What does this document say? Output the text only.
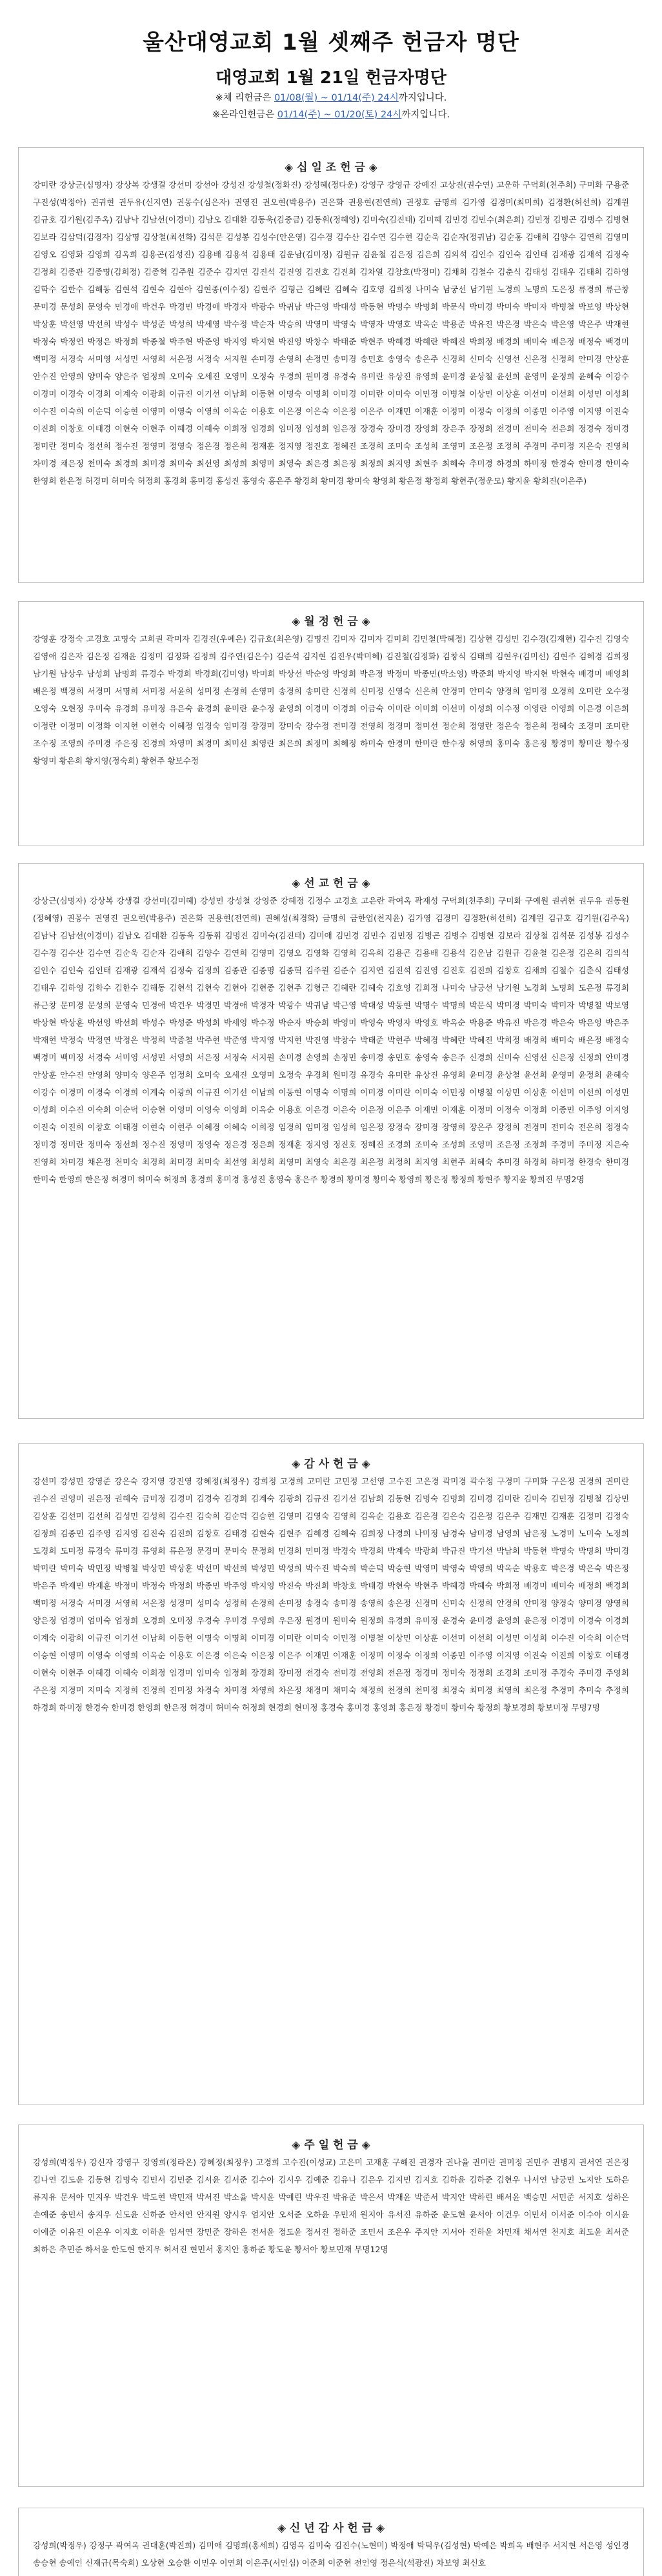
울산대영교회 1월 셋째주 헌금자 명단
대영교회 1월 21일 헌금자명단
※체 리헌금은 01/08(월) ~ 01/14(주) 24시까지입니다.
※온라인헌금은 01/14(주) ~ 01/20(토) 24시까지입니다.
◈ 십 일 조 헌 금 ◈
강미란 강상군(심명자) 강상복 강생결 강선미 강선아 강성진 강성철(정화진) 강성혜(정다운) 강영구 강영규 강예진 고상진(권수연) 고운하 구덕희(천주희) 구미화 구용준 구진성(박정아) 권귀현 권두유(신지연) 권몽수(심은자) 권영진 권오현(박용주) 권은화 권용현(전연희) 권정호 금명희 김가영 김경미(최미희) 김경환(허선희) 김계원 김규호 김기원(김주옥) 김남낙 김남선(이경미) 김남오 김대환 김동욱(김중금) 김동휘(정혜영) 김미숙(김진태) 김미혜 김민경 김민수(최은희) 김민정 김병곤 김병수 김병현 김보라 김삼덕(김경자) 김상명 김상철(최선화) 김석문 김성봉 김성수(안은영) 김수경 김수산 김수연 김수현 김순욱 김순자(정귀남) 김순홍 김애희 김양수 김연희 김영미 김영오 김영화 김영희 김옥희 김용곤(김성진) 김용배 김용석 김용태 김운남(김미정) 김원규 김윤철 김은정 김은희 김의석 김인수 김인숙 김인태 김재광 김재석 김정숙 김정희 김종관 김종명(김희정) 김종혁 김주원 김준수 김지연 김진석 김진영 김진호 김진희 김차열 김창호(박정미) 김채희 김철수 김춘식 김태성 김태우 김태희 김하영 김학수 김한수 김해동 김현석 김현숙 김현아 김현종(이수정) 김현주 김형근 김혜란 김혜숙 김호영 김희정 나미숙 남궁선 남기원 노경희 노명희 도은정 류경희 류근창 문미경 문성희 문영숙 민경애 박건우 박경민 박경애 박경자 박광수 박귀남 박근영 박대성 박동현 박명수 박명희 박문식 박미경 박미숙 박미자 박병철 박보영 박상현 박상훈 박선영 박선희 박성수 박성준 박성희 박세영 박수정 박순자 박승희 박영미 박영숙 박영자 박영호 박옥순 박용준 박유진 박은경 박은숙 박은영 박은주 박재현 박정숙 박정연 박정은 박정희 박종철 박주현 박준영 박지영 박지현 박진영 박창수 박태준 박현주 박혜경 박혜란 박혜진 박희정 배경희 배미숙 배은정 배정숙 백경미 백미정 서경숙 서미영 서성민 서영희 서은정 서정숙 서지원 손미경 손영희 손정민 송미경 송민호 송영숙 송은주 신경희 신미숙 신영선 신은정 신정희 안미경 안상훈 안수진 안영희 양미숙 양은주 엄정희 오미숙 오세진 오영미 오정숙 우경희 원미경 유경숙 유미란 유상진 유영희 윤미경 윤상철 윤선희 윤영미 윤정희 윤혜숙 이강수 이경미 이경숙 이경희 이계숙 이광희 이규진 이기선 이남희 이동현 이명숙 이명희 이미경 이미란 이미숙 이민정 이병철 이상민 이상훈 이선미 이선희 이성민 이성희 이수진 이숙희 이순덕 이승현 이영미 이영숙 이영희 이옥순 이용호 이은경 이은숙 이은정 이은주 이재민 이재훈 이정미 이정숙 이정희 이종민 이주영 이지영 이진숙 이진희 이창호 이태경 이현숙 이현주 이혜경 이혜숙 이희정 임경희 임미정 임성희 임은정 장경숙 장미경 장영희 장은주 장정희 전경미 전미숙 전은희 정경숙 정미경 정미란 정미숙 정선희 정수진 정영미 정영숙 정은경 정은희 정재훈 정지영 정진호 정혜진 조경희 조미숙 조성희 조영미 조은정 조정희 주경미 주미정 지은숙 진영희 차미경 채은정 천미숙 최경희 최미경 최미숙 최선영 최성희 최영미 최영숙 최은경 최은정 최정희 최지영 최현주 최혜숙 추미경 하경희 하미정 한경숙 한미경 한미숙 한영희 한은정 허경미 허미숙 허정희 홍경희 홍미경 홍성진 홍영숙 홍은주 황경희 황미경 황미숙 황영희 황은정 황정희 황현주(정운모) 황지윤 황희진(이은주)
◈ 월 정 헌 금 ◈
강영훈 강정숙 고경호 고명숙 고희권 곽미자 김경진(우예은) 김규호(최은영) 김명진 김미자 김미자 김미희 김민철(박혜정) 김상현 김성민 김수경(김재현) 김수진 김영숙 김영애 김은자 김은정 김재윤 김정미 김정화 김정희 김주연(김은수) 김준석 김지현 김진우(박미혜) 김진철(김정화) 김창식 김태희 김현우(김미선) 김현주 김혜경 김희정 남기원 남상우 남성희 남명희 류경수 박경희 박경희(김미영) 박미희 박상선 박순영 박영희 박은정 박정미 박종민(박소영) 박준희 박지영 박지현 박현숙 배경미 배영희 배은정 백경희 서경미 서명희 서미정 서윤희 성미정 손경희 손영미 송경희 송미란 신경희 신미정 신영숙 신은희 안경미 안미숙 양경희 엄미정 오경희 오미란 오수정 오영숙 오현정 우미숙 유경희 유미정 유은숙 윤경희 윤미란 윤수정 윤영희 이경미 이경희 이금숙 이미란 이미희 이선미 이성희 이수정 이영란 이영희 이은경 이은희 이정란 이정미 이정화 이지현 이현숙 이혜정 임경숙 임미경 장경미 장미숙 장수정 전미경 전영희 정경미 정미선 정순희 정영란 정은숙 정은희 정혜숙 조경미 조미란 조수정 조영희 주미경 주은정 진경희 차영미 최경미 최미선 최영란 최은희 최정미 최혜정 하미숙 한경미 한미란 한수정 허영희 홍미숙 홍은정 황경미 황미란 황수정 황영미 황은희 황지영(정숙희) 황현주 황보수정
◈ 선 교 헌 금 ◈
강상근(심명자) 강상복 강생결 강선미(김미혜) 강성민 강성철 강영준 강혜정 김정수 고경호 고은란 곽여옥 곽재성 구덕희(천주희) 구미화 구예원 권귀현 권두유 권동원(정혜영) 권몽수 권영진 권오현(박용주) 권은화 권용현(전연희) 권혜성(최경화) 금명희 금한업(천지윤) 김가영 김경미 김경환(허선희) 김계원 김규호 김기원(김주옥) 김남낙 김남선(이경미) 김남오 김대환 김동욱 김동휘 김명진 김미숙(김진태) 김미애 김민경 김민수 김민정 김병곤 김병수 김병현 김보라 김상철 김석문 김성봉 김성수 김수경 김수산 김수연 김순욱 김순자 김애희 김양수 김연희 김영미 김영오 김영화 김영희 김옥희 김용곤 김용배 김용석 김운남 김원규 김윤철 김은정 김은희 김의석 김인수 김인숙 김인태 김재광 김재석 김정숙 김정희 김종관 김종명 김종혁 김주원 김준수 김지연 김진석 김진영 김진호 김진희 김창호 김채희 김철수 김춘식 김태성 김태우 김하영 김학수 김한수 김해동 김현석 김현숙 김현아 김현종 김현주 김형근 김혜란 김혜숙 김호영 김희정 나미숙 남궁선 남기원 노경희 노명희 도은정 류경희 류근창 문미경 문성희 문영숙 민경애 박건우 박경민 박경애 박경자 박광수 박귀남 박근영 박대성 박동현 박명수 박명희 박문식 박미경 박미숙 박미자 박병철 박보영 박상현 박상훈 박선영 박선희 박성수 박성준 박성희 박세영 박수정 박순자 박승희 박영미 박영숙 박영자 박영호 박옥순 박용준 박유진 박은경 박은숙 박은영 박은주 박재현 박정숙 박정연 박정은 박정희 박종철 박주현 박준영 박지영 박지현 박진영 박창수 박태준 박현주 박혜경 박혜란 박혜진 박희정 배경희 배미숙 배은정 배정숙 백경미 백미정 서경숙 서미영 서성민 서영희 서은정 서정숙 서지원 손미경 손영희 손정민 송미경 송민호 송영숙 송은주 신경희 신미숙 신영선 신은정 신정희 안미경 안상훈 안수진 안영희 양미숙 양은주 엄정희 오미숙 오세진 오영미 오정숙 우경희 원미경 유경숙 유미란 유상진 유영희 윤미경 윤상철 윤선희 윤영미 윤정희 윤혜숙 이강수 이경미 이경숙 이경희 이계숙 이광희 이규진 이기선 이남희 이동현 이명숙 이명희 이미경 이미란 이미숙 이민정 이병철 이상민 이상훈 이선미 이선희 이성민 이성희 이수진 이숙희 이순덕 이승현 이영미 이영숙 이영희 이옥순 이용호 이은경 이은숙 이은정 이은주 이재민 이재훈 이정미 이정숙 이정희 이종민 이주영 이지영 이진숙 이진희 이창호 이태경 이현숙 이현주 이혜경 이혜숙 이희정 임경희 임미정 임성희 임은정 장경숙 장미경 장영희 장은주 장정희 전경미 전미숙 전은희 정경숙 정미경 정미란 정미숙 정선희 정수진 정영미 정영숙 정은경 정은희 정재훈 정지영 정진호 정혜진 조경희 조미숙 조성희 조영미 조은정 조정희 주경미 주미정 지은숙 진영희 차미경 채은정 천미숙 최경희 최미경 최미숙 최선영 최성희 최영미 최영숙 최은경 최은정 최정희 최지영 최현주 최혜숙 추미경 하경희 하미정 한경숙 한미경 한미숙 한영희 한은정 허경미 허미숙 허정희 홍경희 홍미경 홍성진 홍영숙 홍은주 황경희 황미경 황미숙 황영희 황은정 황정희 황현주 황지윤 황희진 무명2명
◈ 감 사 헌 금 ◈
강선미 강성민 강영준 강은숙 강지영 강진영 강혜정(최정우) 강희정 고경희 고미란 고민정 고선영 고수진 고은경 곽미경 곽수정 구경미 구미화 구은정 권경희 권미란 권수진 권영미 권은정 권혜숙 금미정 김경미 김경숙 김경희 김계숙 김광희 김규진 김기선 김남희 김동현 김명숙 김명희 김미경 김미란 김미숙 김민정 김병철 김상민 김상훈 김선미 김선희 김성민 김성희 김수진 김숙희 김순덕 김승현 김영미 김영숙 김영희 김옥순 김용호 김은경 김은숙 김은정 김은주 김재민 김재훈 김정미 김정숙 김정희 김종민 김주영 김지영 김진숙 김진희 김창호 김태경 김현숙 김현주 김혜경 김혜숙 김희정 나경희 나미정 남경숙 남미경 남영희 남은정 노경미 노미숙 노정희 도경희 도미정 류경숙 류미경 류영희 류은정 문경미 문미숙 문정희 민경희 민미정 박경숙 박경희 박계숙 박광희 박규진 박기선 박남희 박동현 박명숙 박명희 박미경 박미란 박미숙 박민정 박병철 박상민 박상훈 박선미 박선희 박성민 박성희 박수진 박숙희 박순덕 박승현 박영미 박영숙 박영희 박옥순 박용호 박은경 박은숙 박은정 박은주 박재민 박재훈 박정미 박정숙 박정희 박종민 박주영 박지영 박진숙 박진희 박창호 박태경 박현숙 박현주 박혜경 박혜숙 박희정 배경미 배미숙 배정희 백경희 백미정 서경숙 서미경 서영희 서은정 성경미 성미숙 성정희 손경희 손미정 송경숙 송미경 송영희 송은정 신경미 신미숙 신정희 안경희 안미정 양경숙 양미경 양영희 양은정 엄경미 엄미숙 엄정희 오경희 오미정 우경숙 우미경 우영희 우은정 원경미 원미숙 원정희 유경희 유미정 윤경숙 윤미경 윤영희 윤은정 이경미 이경숙 이경희 이계숙 이광희 이규진 이기선 이남희 이동현 이명숙 이명희 이미경 이미란 이미숙 이민정 이병철 이상민 이상훈 이선미 이선희 이성민 이성희 이수진 이숙희 이순덕 이승현 이영미 이영숙 이영희 이옥순 이용호 이은경 이은숙 이은정 이은주 이재민 이재훈 이정미 이정숙 이정희 이종민 이주영 이지영 이진숙 이진희 이창호 이태경 이현숙 이현주 이혜경 이혜숙 이희정 임경미 임미숙 임정희 장경희 장미정 전경숙 전미경 전영희 전은정 정경미 정미숙 정정희 조경희 조미정 주경숙 주미경 주영희 주은정 지경미 지미숙 지정희 진경희 진미정 차경숙 차미경 차영희 차은정 채경미 채미숙 채정희 천경희 천미정 최경숙 최미경 최영희 최은정 추경미 추미숙 추정희 하경희 하미정 한경숙 한미경 한영희 한은정 허경미 허미숙 허정희 현경희 현미정 홍경숙 홍미경 홍영희 홍은정 황경미 황미숙 황정희 황보경희 황보미정 무명7명
◈ 주 일 헌 금 ◈
강성희(박정우) 강신자 강영구 강영희(정라온) 강혜정(최정우) 고경희 고수진(이성교) 고은미 고재훈 구해진 권경자 권나율 권미란 권미정 권민주 권병지 권서연 권은정 김나연 김도윤 김동현 김명숙 김민서 김민준 김서윤 김서준 김수아 김시우 김예준 김유나 김은우 김지민 김지호 김하윤 김하준 김현우 나서연 남궁민 노지안 도하은 류지유 문서아 민지우 박건우 박도현 박민재 박서진 박소율 박시윤 박예린 박우진 박유준 박은서 박재윤 박준서 박지안 박하린 배서윤 백승민 서민준 서지호 성하은 손예준 송민서 송지우 신도윤 신하준 안서연 안지원 양시우 엄지안 오서준 오하윤 우민재 원지아 유서진 유하준 윤도현 윤서아 이건우 이민서 이서준 이수아 이시윤 이예준 이유진 이은우 이지호 이하윤 임서연 장민준 장하은 전서윤 정도윤 정서진 정하준 조민서 조은우 주지안 지서아 진하윤 차민재 채서연 천지호 최도윤 최서준 최하은 추민준 하서윤 한도현 한지우 허서진 현민서 홍지안 홍하준 황도윤 황서아 황보민재 무명12명
◈ 신 년 감 사 헌 금 ◈
강성희(박정우) 강정구 곽여옥 권대훈(박진희) 김미애 김명희(홍세희) 김영옥 김미숙 김진수(노현미) 박정애 박덕우(김성현) 박예은 박희옥 배현주 서지현 서은영 성인경 송승현 송예인 신재규(목숙희) 오상현 오승환 이민우 이연희 이은주(서인심) 이준희 이준현 전인영 정은식(석광진) 차보영 최신호
